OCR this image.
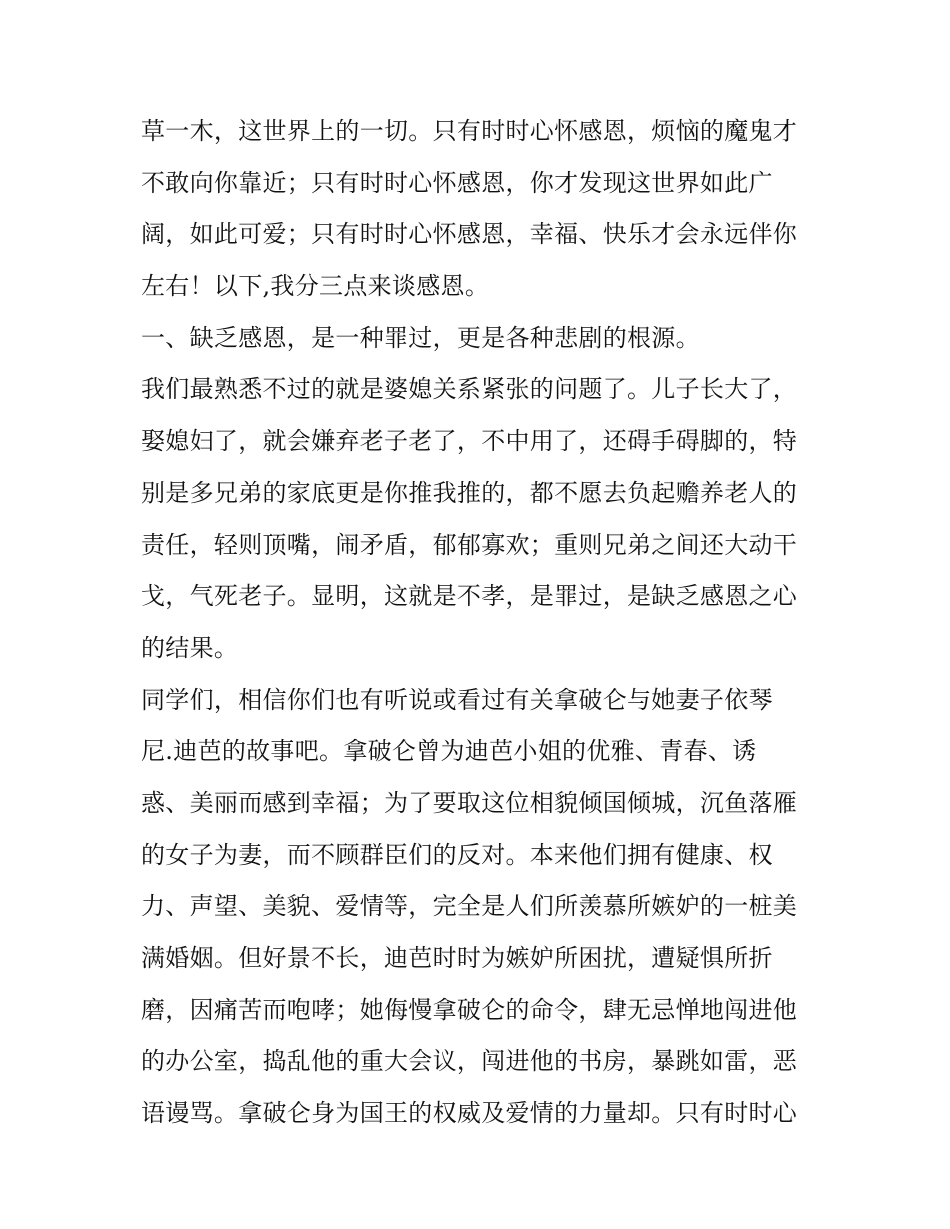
草一木，这世界上的一切。只有时时心怀感恩，烦恼的魔鬼才
不敢向你靠近；只有时时心怀感恩，你才发现这世界如此广
阔，如此可爱；只有时时心怀感恩，幸福、快乐才会永远伴你
左右！以下,我分三点来谈感恩。
一、缺乏感恩，是一种罪过，更是各种悲剧的根源。
我们最熟悉不过的就是婆媳关系紧张的问题了。儿子长大了，
娶媳妇了，就会嫌弃老子老了，不中用了，还碍手碍脚的，特
别是多兄弟的家底更是你推我推的，都不愿去负起赡养老人的
责任，轻则顶嘴，闹矛盾，郁郁寡欢；重则兄弟之间还大动干
戈，气死老子。显明，这就是不孝，是罪过，是缺乏感恩之心
的结果。
同学们，相信你们也有听说或看过有关拿破仑与她妻子依琴
尼.迪芭的故事吧。拿破仑曾为迪芭小姐的优雅、青春、诱
惑、美丽而感到幸福；为了要取这位相貌倾国倾城，沉鱼落雁
的女子为妻，而不顾群臣们的反对。本来他们拥有健康、权
力、声望、美貌、爱情等，完全是人们所羡慕所嫉妒的一桩美
满婚姻。但好景不长，迪芭时时为嫉妒所困扰，遭疑惧所折
磨，因痛苦而咆哮；她侮慢拿破仑的命令，肆无忌惮地闯进他
的办公室，捣乱他的重大会议，闯进他的书房，暴跳如雷，恶
语谩骂。拿破仑身为国王的权威及爱情的力量却。只有时时心
